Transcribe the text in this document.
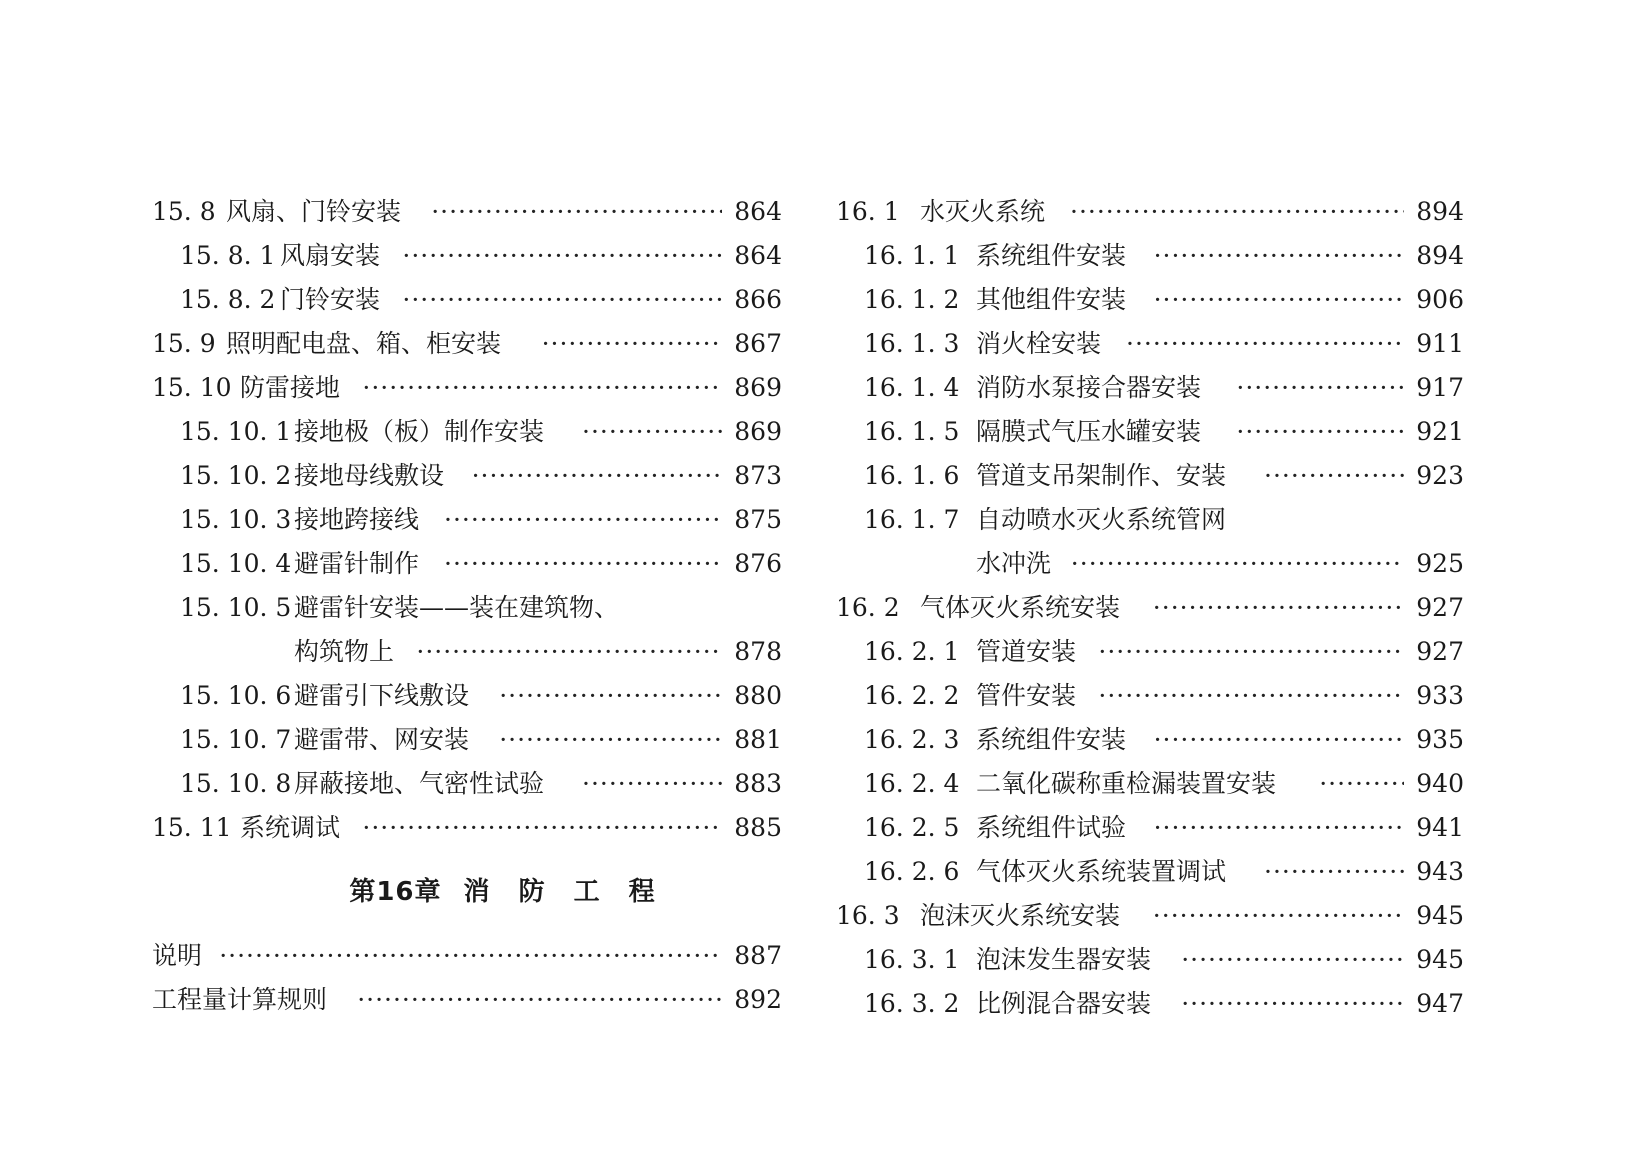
15. 8 风扇、门铃安装 ·····	864
15. 8. 1 风扇安装 ·····	864
15. 8. 2 门铃安装 ·····	866
15. 9 照明配电盘、箱、柜安装 ·····	867
15. 10 防雷接地 ·····	869
15. 10. 1 接地极（板）制作安装 ·····	869
15. 10. 2 接地母线敷设 ·····	873
15. 10. 3 接地跨接线 ·····	875
15. 10. 4 避雷针制作 ·····	876
15. 10. 5 避雷针安装——装在建筑物、
构筑物上 ·····	878
15. 10. 6 避雷引下线敷设 ·····	880
15. 10. 7 避雷带、网安装 ·····	881
15. 10. 8 屏蔽接地、气密性试验 ·····	883
15. 11 系统调试 ·····	885
第16章 消 防 工 程
说明 ·····	887
工程量计算规则 ·····	892
16. 1 水灭火系统 ·····	894
16. 1. 1 系统组件安装 ·····	894
16. 1. 2 其他组件安装 ·····	906
16. 1. 3 消火栓安装 ·····	911
16. 1. 4 消防水泵接合器安装 ·····	917
16. 1. 5 隔膜式气压水罐安装 ·····	921
16. 1. 6 管道支吊架制作、安装 ·····	923
16. 1. 7 自动喷水灭火系统管网
水冲洗 ·····	925
16. 2 气体灭火系统安装 ·····	927
16. 2. 1 管道安装 ·····	927
16. 2. 2 管件安装 ·····	933
16. 2. 3 系统组件安装 ·····	935
16. 2. 4 二氧化碳称重检漏装置安装 ·····	940
16. 2. 5 系统组件试验 ·····	941
16. 2. 6 气体灭火系统装置调试 ·····	943
16. 3 泡沫灭火系统安装 ·····	945
16. 3. 1 泡沫发生器安装 ·····	945
16. 3. 2 比例混合器安装 ·····	947
